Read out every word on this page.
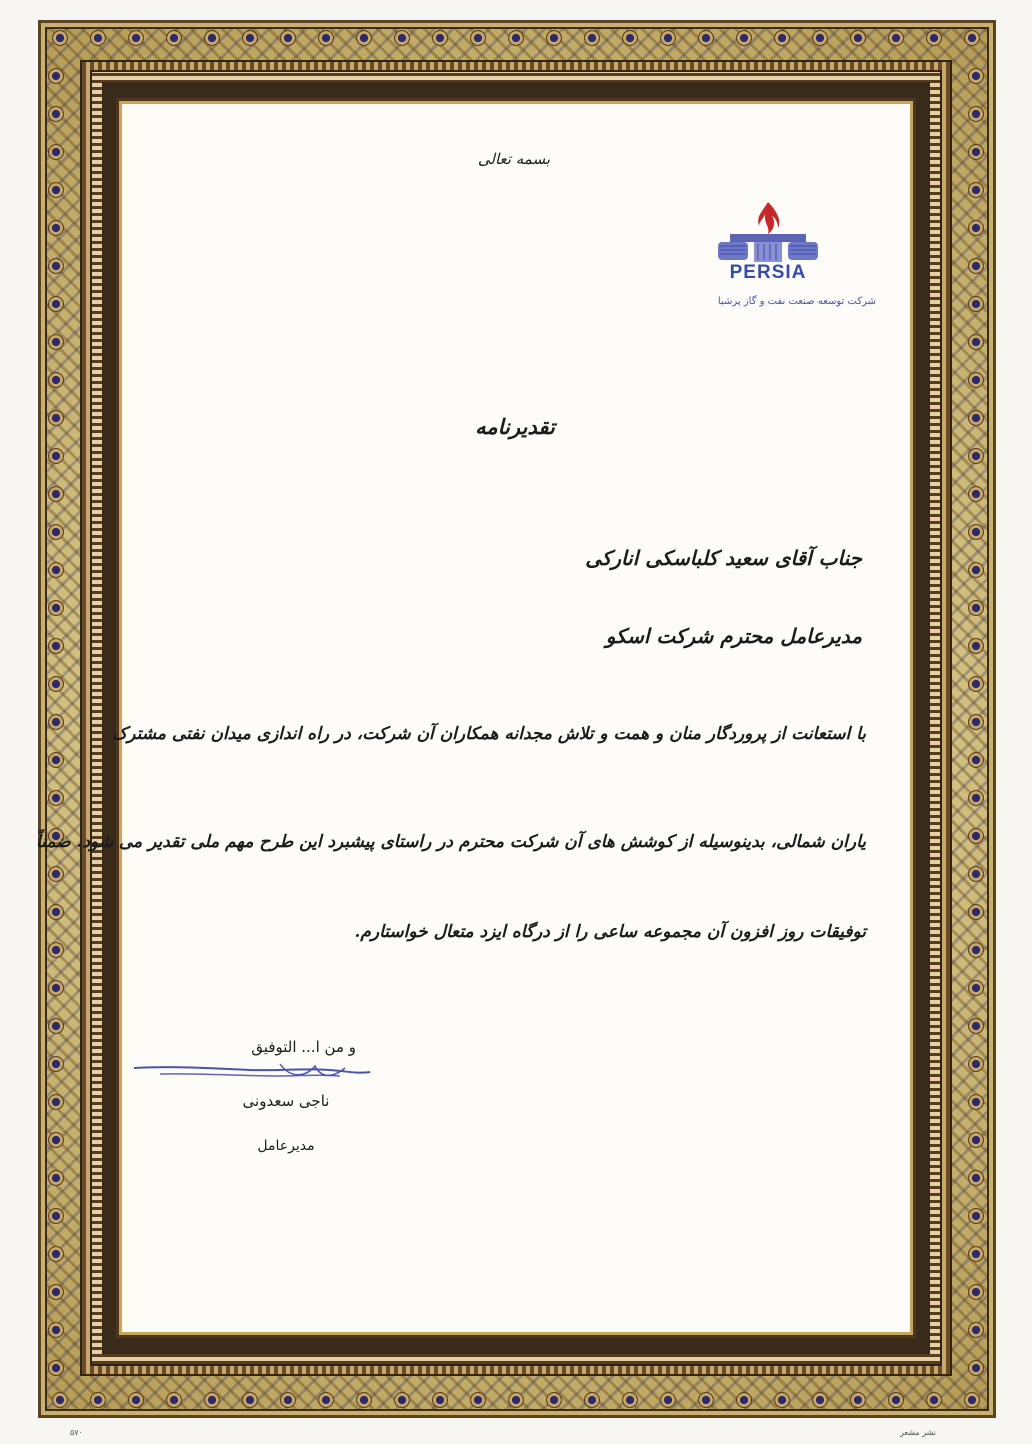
بسمه تعالی
PERSIA
شرکت توسعه صنعت نفت و گاز پرشیا
تقدیرنامه
جناب آقای سعید کلباسکی انارکی
مدیرعامل محترم شرکت اسکو
با استعانت از پروردگار منان و همت و تلاش مجدانه همکاران آن شرکت، در راه اندازی میدان نفتی مشترک
یاران شمالی، بدینوسیله از کوشش های آن شرکت محترم در راستای پیشبرد این طرح مهم ملی تقدیر می شود. ضمناً
توفیقات روز افزون آن مجموعه ساعی را از درگاه ایزد متعال خواستارم.
و من ا... التوفیق
ناجی سعدونی
مدیرعامل
۵۷۰	نشر مشعر
